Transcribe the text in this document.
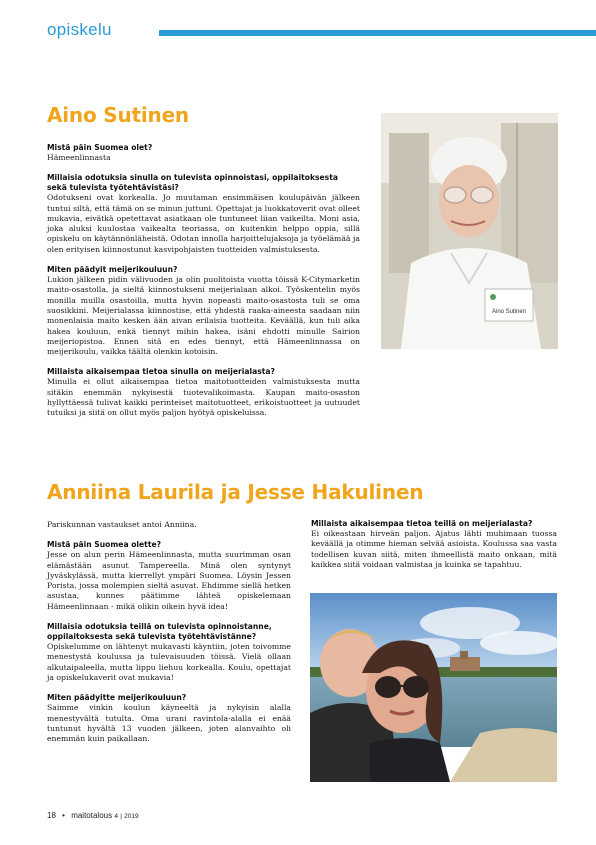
opiskelu
Aino Sutinen

Mistä päin Suomea olet?
Hämeenlinnasta

Millaisia odotuksia sinulla on tulevista opinnoistasi, oppilaitoksesta sekä tulevista työtehtävistäsi?
Odotukseni ovat korkealla. Jo muutaman ensimmäisen koulupäivän jälkeen tuntui siltä, että tämä on se minun juttuni. Opettajat ja luokkatoverit ovat olleet mukavia, eivätkä opetettavat asiatkaan ole tuntuneet liian vaikeilta. Moni asia, joka aluksi kuulostaa vaikealta teoriassa, on kuitenkin helppo oppia, sillä opiskelu on käytännönläheistä. Odotan innolla harjoittelujaksoja ja työelämää ja olen erityisen kiinnostunut kasvipohjaisten tuotteiden valmistuksesta.

Miten päädyit meijerikouluun?
Lukion jälkeen pidin välivuoden ja olin puolitoista vuotta töissä K-Citymarketin maito-osastolla, ja sieltä kiinnostukseni meijerialaan alkoi. Työskentelin myös monilla muilla osastoilla, mutta hyvin nopeasti maito-osastosta tuli se oma suosikkini. Meijerialassa kiinnostise, että yhdestä raaka-aineesta saadaan niin monenlaisia maito kesken ään aivan erilaisia tuotteita. Keväällä, kun tuli aika hakea kouluun, enkä tiennyt mihin hakea, isäni ehdotti minulle Sairion meijeriopistoa. Ennen sitä en edes tiennyt, että Hämeenlinnassa on meijerikoulu, vaikka täältä olenkin kotoisin.

Millaista aikaisempaa tietoa sinulla on meijerialasta?
Minulla ei ollut aikaisempaa tietoa maitotuotteiden valmistuksesta mutta sitäkin enemmän nykyisestä tuotevalikoimasta. Kaupan maito-osaston hyllyttäessä tulivat kaikki perinteiset maitotuotteet, erikoistuotteet ja uutuudet tutuiksi ja siitä on ollut myös paljon hyötyä opiskeluissa.

Aino Sutinen
Anniina Laurila ja Jesse Hakulinen

Pariskunnan vastaukset antoi Anniina.

Mistä päin Suomea olette?
Jesse on alun perin Hämeenlinnasta, mutta suurimman osan elämästään asunut Tampereella. Minä olen syntynyt Jyväskylässä, mutta kierrellyt ympäri Suomea. Löysin Jessen Porista, jossa molempien sieltä asuvat. Ehdimme siellä hetken asustaa, kunnes päätimme lähteä opiskelemaan Hämeenlinnaan - mikä olikin oikein hyvä idea!

Millaisia odotuksia teillä on tulevista opinnoistanne, oppilaitoksesta sekä tulevista työtehtävistänne?
Opiskelumme on lähtenyt mukavasti käyntiin, joten toivomme menestystä koulussa ja tulevaisuuden töissä. Vielä ollaan alkutaipaleella, mutta lippu liehuu korkealla. Koulu, opettajat ja opiskelukaverit ovat mukavia!

Miten päädyitte meijerikouluun?
Saimme vinkin koulun käyneeltä ja nykyisin alalla menestyvältä tutulta. Oma urani ravintola-alalla ei enää tuntunut hyvältä 13 vuoden jälkeen, joten alanvaihto oli enemmän kuin paikallaan.

Millaista aikaisempaa tietoa teillä on meijerialasta?
Ei oikeastaan hirveän paljon. Ajatus lähti muhimaan tuossa keväällä ja otimme hieman selvää asioista. Koulussa saa vasta todellisen kuvan siitä, miten ihmeellistä maito onkaan, mitä kaikkea siitä voidaan valmistaa ja kuinka se tapahtuu.

18 • maitotalous 4 | 2019
